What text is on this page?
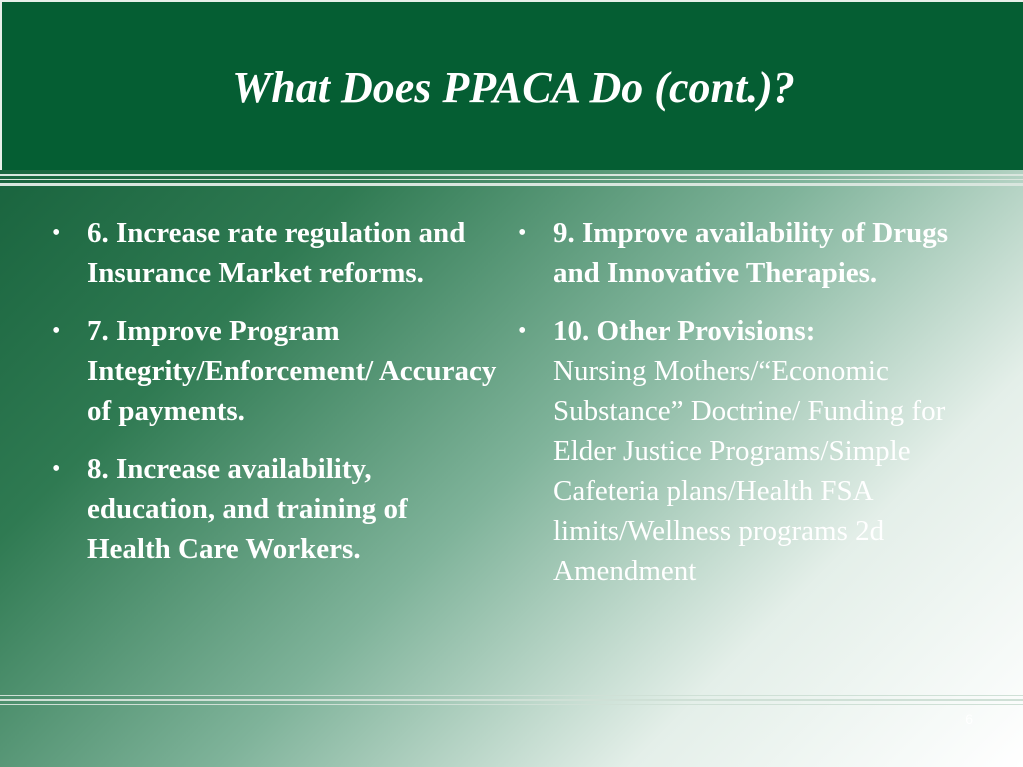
What Does PPACA Do (cont.)?
• 6. Increase rate regulation and Insurance Market reforms.
• 7. Improve Program Integrity/Enforcement/ Accuracy of payments.
• 8. Increase availability, education, and training of Health Care Workers.
• 9. Improve availability of Drugs and Innovative Therapies.
• 10. Other Provisions:
Nursing Mothers/“Economic Substance” Doctrine/ Funding for Elder Justice Programs/Simple Cafeteria plans/Health FSA limits/Wellness programs 2d Amendment
6
